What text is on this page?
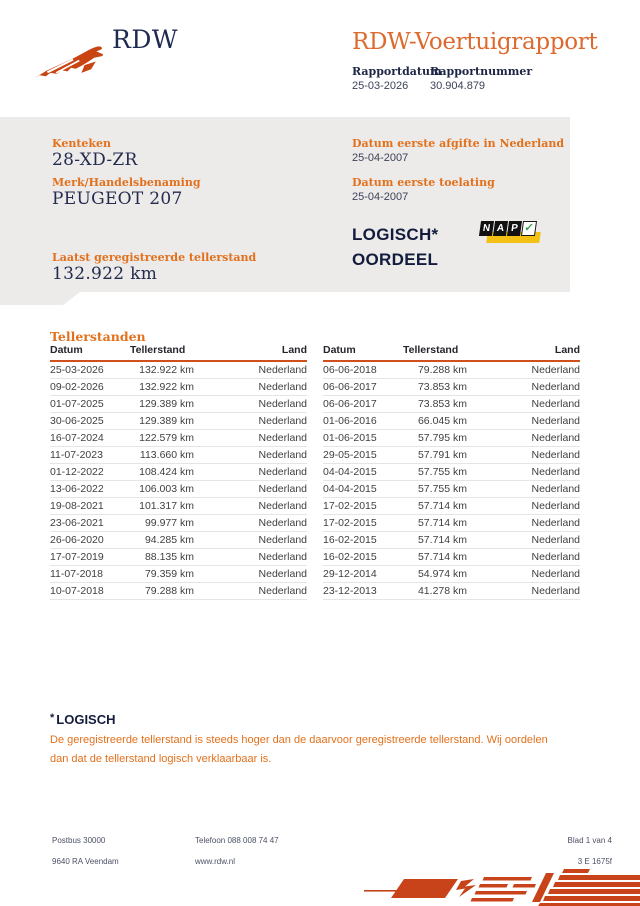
RDW	RDW-Voertuigrapport
Rapportdatum
Rapportnummer
25-03-2026 30.904.879
Kenteken
28-XD-ZR
Merk/Handelsbenaming
PEUGEOT 207
Laatst geregistreerde tellerstand
132.922 km
Datum eerste afgifte in Nederland
25-04-2007
Datum eerste toelating
25-04-2007
LOGISCH*
OORDEEL
N A P ✓
Tellerstanden
Datum	Tellerstand	Land
25-03-2026	132.922 km	Nederland
09-02-2026	132.922 km	Nederland
01-07-2025	129.389 km	Nederland
30-06-2025	129.389 km	Nederland
16-07-2024	122.579 km	Nederland
11-07-2023	113.660 km	Nederland
01-12-2022	108.424 km	Nederland
13-06-2022	106.003 km	Nederland
19-08-2021	101.317 km	Nederland
23-06-2021	99.977 km	Nederland
26-06-2020	94.285 km	Nederland
17-07-2019	88.135 km	Nederland
11-07-2018	79.359 km	Nederland
10-07-2018	79.288 km	Nederland
Datum	Tellerstand	Land
06-06-2018	79.288 km	Nederland
06-06-2017	73.853 km	Nederland
06-06-2017	73.853 km	Nederland
01-06-2016	66.045 km	Nederland
01-06-2015	57.795 km	Nederland
29-05-2015	57.791 km	Nederland
04-04-2015	57.755 km	Nederland
04-04-2015	57.755 km	Nederland
17-02-2015	57.714 km	Nederland
17-02-2015	57.714 km	Nederland
16-02-2015	57.714 km	Nederland
16-02-2015	57.714 km	Nederland
29-12-2014	54.974 km	Nederland
23-12-2013	41.278 km	Nederland
* LOGISCH
De geregistreerde tellerstand is steeds hoger dan de daarvoor geregistreerde tellerstand. Wij oordelen dan dat de tellerstand logisch verklaarbaar is.
Postbus 30000
9640 RA Veendam
Telefoon 088 008 74 47
www.rdw.nl
Blad 1 van 4
3 E 1675f
